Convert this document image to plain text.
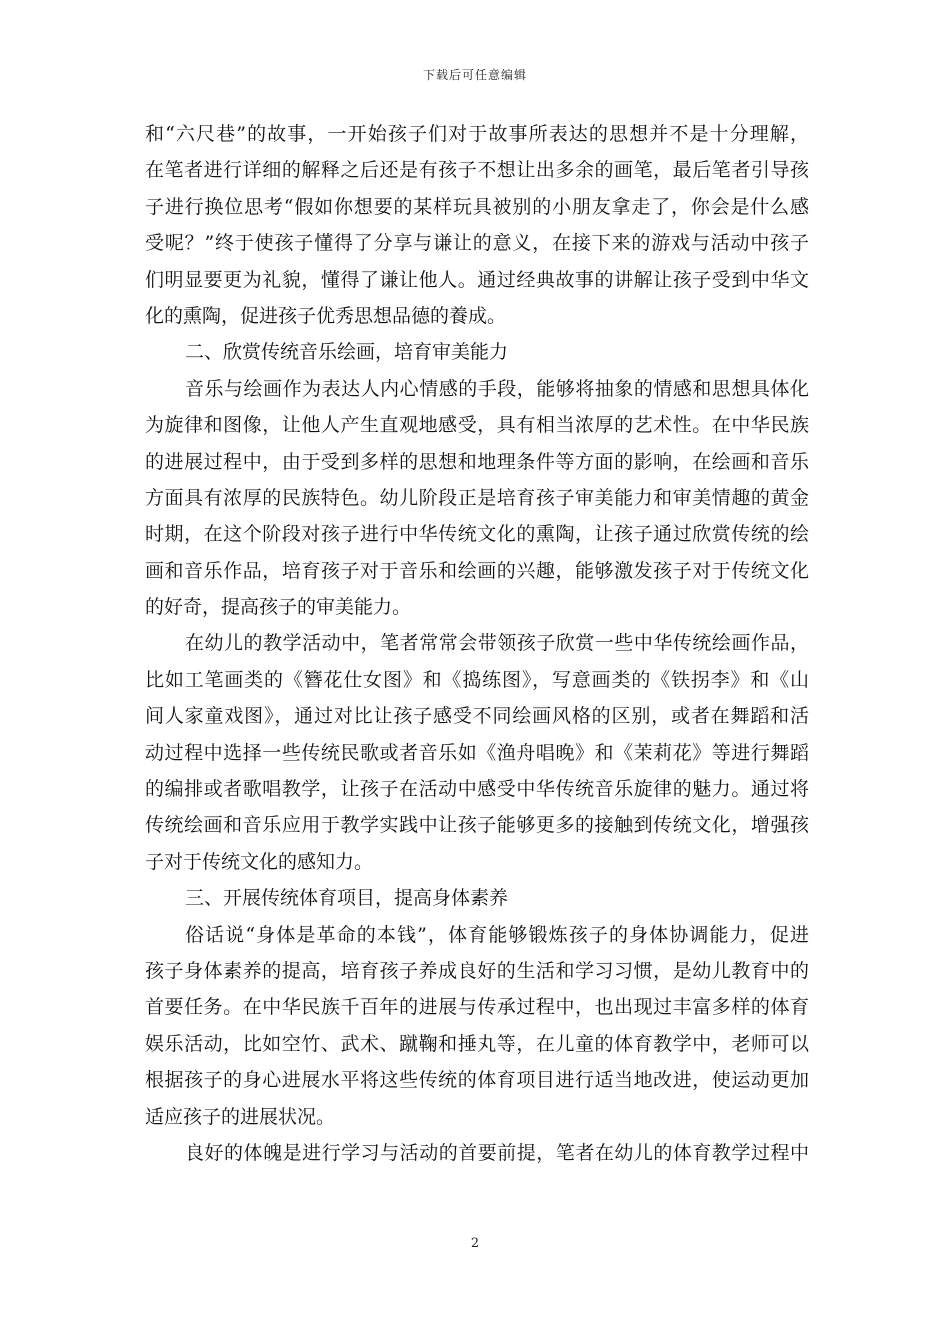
下载后可任意编辑
和“六尺巷”的故事，一开始孩子们对于故事所表达的思想并不是十分理解，
在笔者进行详细的解释之后还是有孩子不想让出多余的画笔，最后笔者引导孩
子进行换位思考“假如你想要的某样玩具被别的小朋友拿走了，你会是什么感
受呢？”终于使孩子懂得了分享与谦让的意义，在接下来的游戏与活动中孩子
们明显要更为礼貌，懂得了谦让他人。通过经典故事的讲解让孩子受到中华文
化的熏陶，促进孩子优秀思想品德的養成。
二、欣赏传统音乐绘画，培育审美能力
音乐与绘画作为表达人内心情感的手段，能够将抽象的情感和思想具体化
为旋律和图像，让他人产生直观地感受，具有相当浓厚的艺术性。在中华民族
的进展过程中，由于受到多样的思想和地理条件等方面的影响，在绘画和音乐
方面具有浓厚的民族特色。幼儿阶段正是培育孩子审美能力和审美情趣的黄金
时期，在这个阶段对孩子进行中华传统文化的熏陶，让孩子通过欣赏传统的绘
画和音乐作品，培育孩子对于音乐和绘画的兴趣，能够激发孩子对于传统文化
的好奇，提高孩子的审美能力。
在幼儿的教学活动中，笔者常常会带领孩子欣赏一些中华传统绘画作品，
比如工笔画类的《簪花仕女图》和《捣练图》，写意画类的《铁拐李》和《山
间人家童戏图》，通过对比让孩子感受不同绘画风格的区别，或者在舞蹈和活
动过程中选择一些传统民歌或者音乐如《渔舟唱晚》和《茉莉花》等进行舞蹈
的编排或者歌唱教学，让孩子在活动中感受中华传统音乐旋律的魅力。通过将
传统绘画和音乐应用于教学实践中让孩子能够更多的接触到传统文化，增强孩
子对于传统文化的感知力。
三、开展传统体育项目，提高身体素养
俗话说“身体是革命的本钱”，体育能够锻炼孩子的身体协调能力，促进
孩子身体素养的提高，培育孩子养成良好的生活和学习习惯，是幼儿教育中的
首要任务。在中华民族千百年的进展与传承过程中，也出现过丰富多样的体育
娱乐活动，比如空竹、武术、蹴鞠和捶丸等，在儿童的体育教学中，老师可以
根据孩子的身心进展水平将这些传统的体育项目进行适当地改进，使运动更加
适应孩子的进展状况。
良好的体魄是进行学习与活动的首要前提，笔者在幼儿的体育教学过程中
2
